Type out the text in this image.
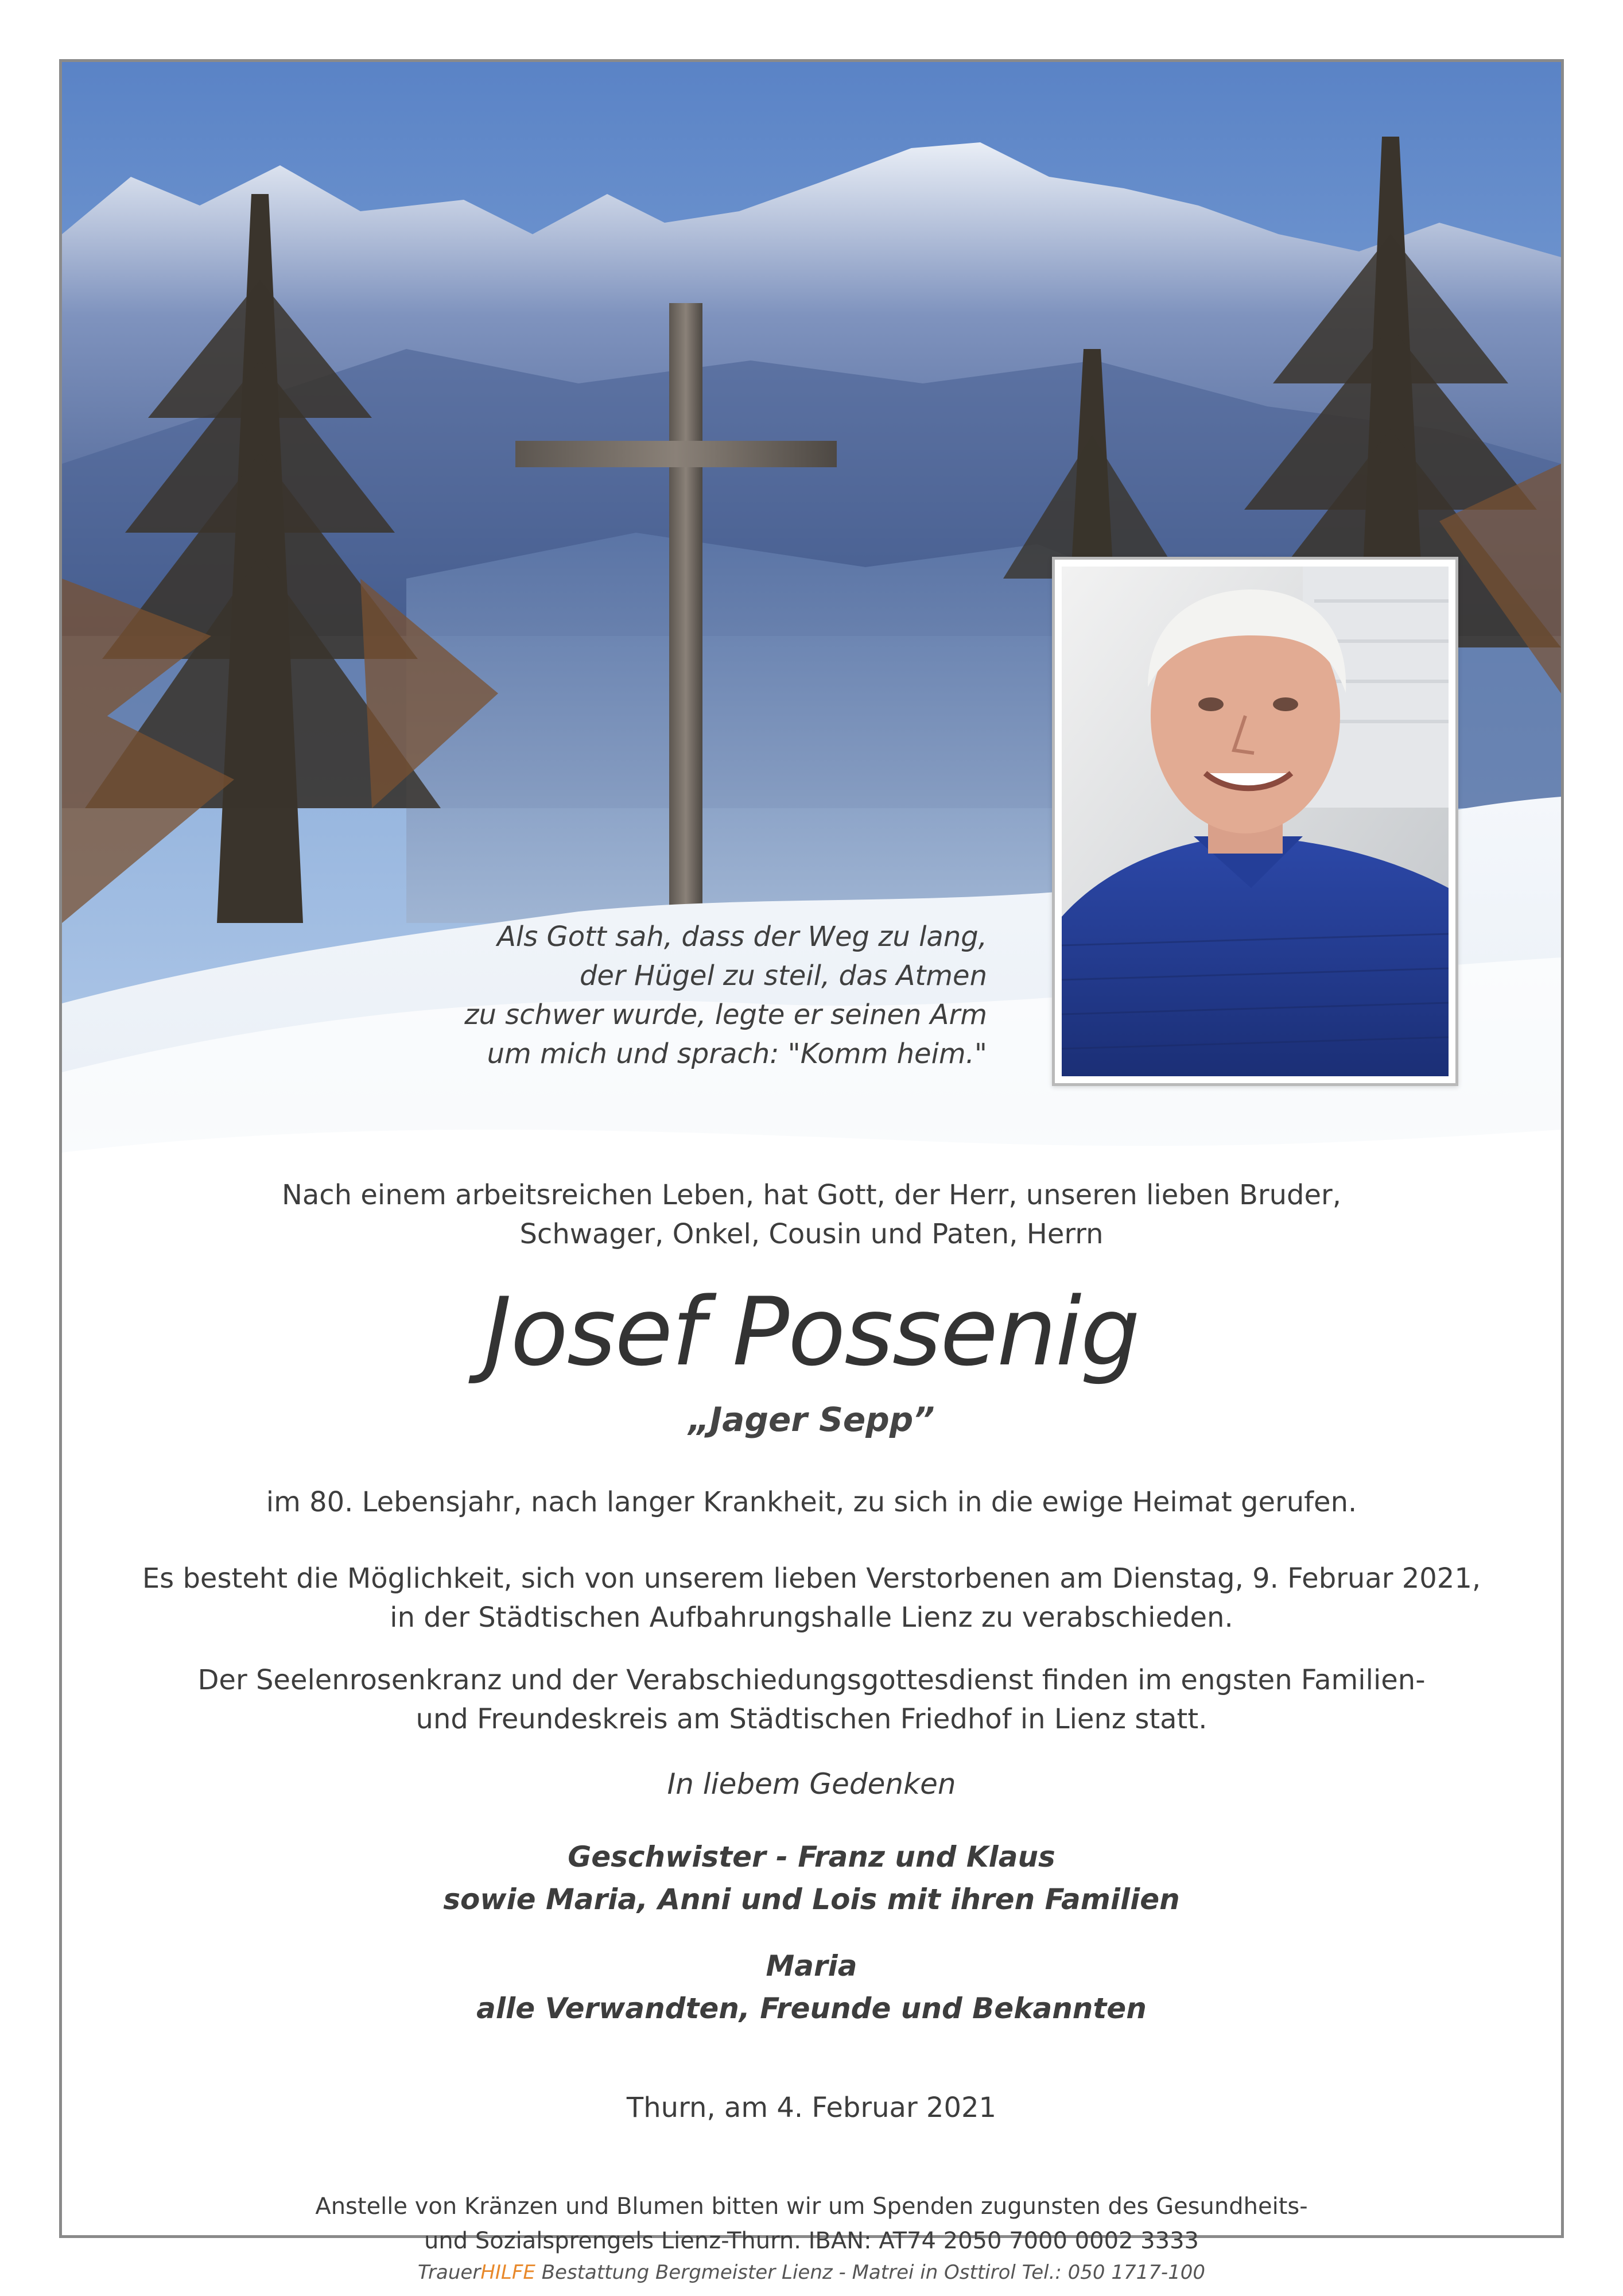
Als Gott sah, dass der Weg zu lang,
der Hügel zu steil, das Atmen
zu schwer wurde, legte er seinen Arm
um mich und sprach: "Komm heim."
Nach einem arbeitsreichen Leben, hat Gott, der Herr, unseren lieben Bruder,
Schwager, Onkel, Cousin und Paten, Herrn
Josef Possenig
„Jager Sepp”
im 80. Lebensjahr, nach langer Krankheit, zu sich in die ewige Heimat gerufen.
Es besteht die Möglichkeit, sich von unserem lieben Verstorbenen am Dienstag, 9. Februar 2021,
in der Städtischen Aufbahrungshalle Lienz zu verabschieden.
Der Seelenrosenkranz und der Verabschiedungsgottesdienst finden im engsten Familien-
und Freundeskreis am Städtischen Friedhof in Lienz statt.
In liebem Gedenken
Geschwister - Franz und Klaus
sowie Maria, Anni und Lois mit ihren Familien
Maria
alle Verwandten, Freunde und Bekannten
Thurn, am 4. Februar 2021
Anstelle von Kränzen und Blumen bitten wir um Spenden zugunsten des Gesundheits-
und Sozialsprengels Lienz-Thurn. IBAN: AT74 2050 7000 0002 3333
TrauerHILFE Bestattung Bergmeister Lienz - Matrei in Osttirol Tel.: 050 1717-100
